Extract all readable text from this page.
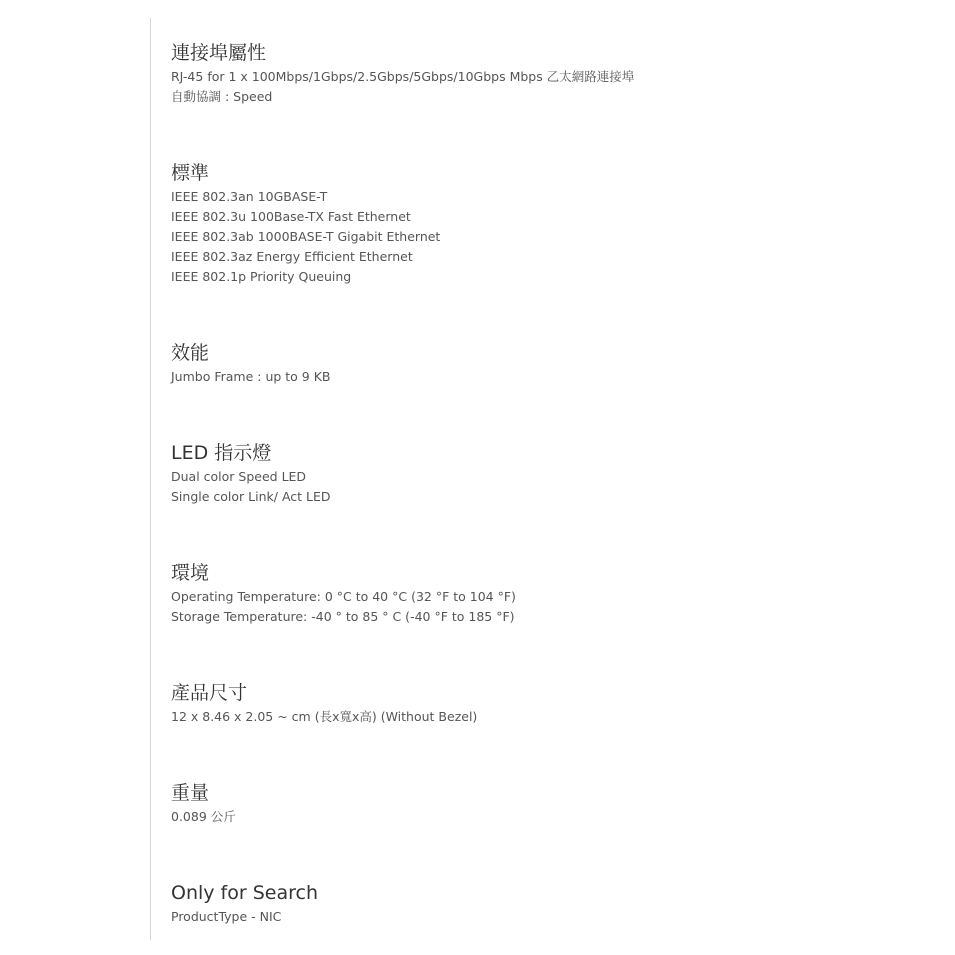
連接埠屬性
RJ-45 for 1 x 100Mbps/1Gbps/2.5Gbps/5Gbps/10Gbps Mbps 乙太網路連接埠
自動協調 : Speed
標準
IEEE 802.3an 10GBASE-T
IEEE 802.3u 100Base-TX Fast Ethernet
IEEE 802.3ab 1000BASE-T Gigabit Ethernet
IEEE 802.3az Energy Efficient Ethernet
IEEE 802.1p Priority Queuing
效能
Jumbo Frame : up to 9 KB
LED 指示燈
Dual color Speed LED
Single color Link/ Act LED
環境
Operating Temperature: 0 °C to 40 °C (32 °F to 104 °F)
Storage Temperature: -40 ° to 85 ° C (-40 °F to 185 °F)
產品尺寸
12 x 8.46 x 2.05 ~ cm (長x寬x高) (Without Bezel)
重量
0.089 公斤
Only for Search
ProductType - NIC
